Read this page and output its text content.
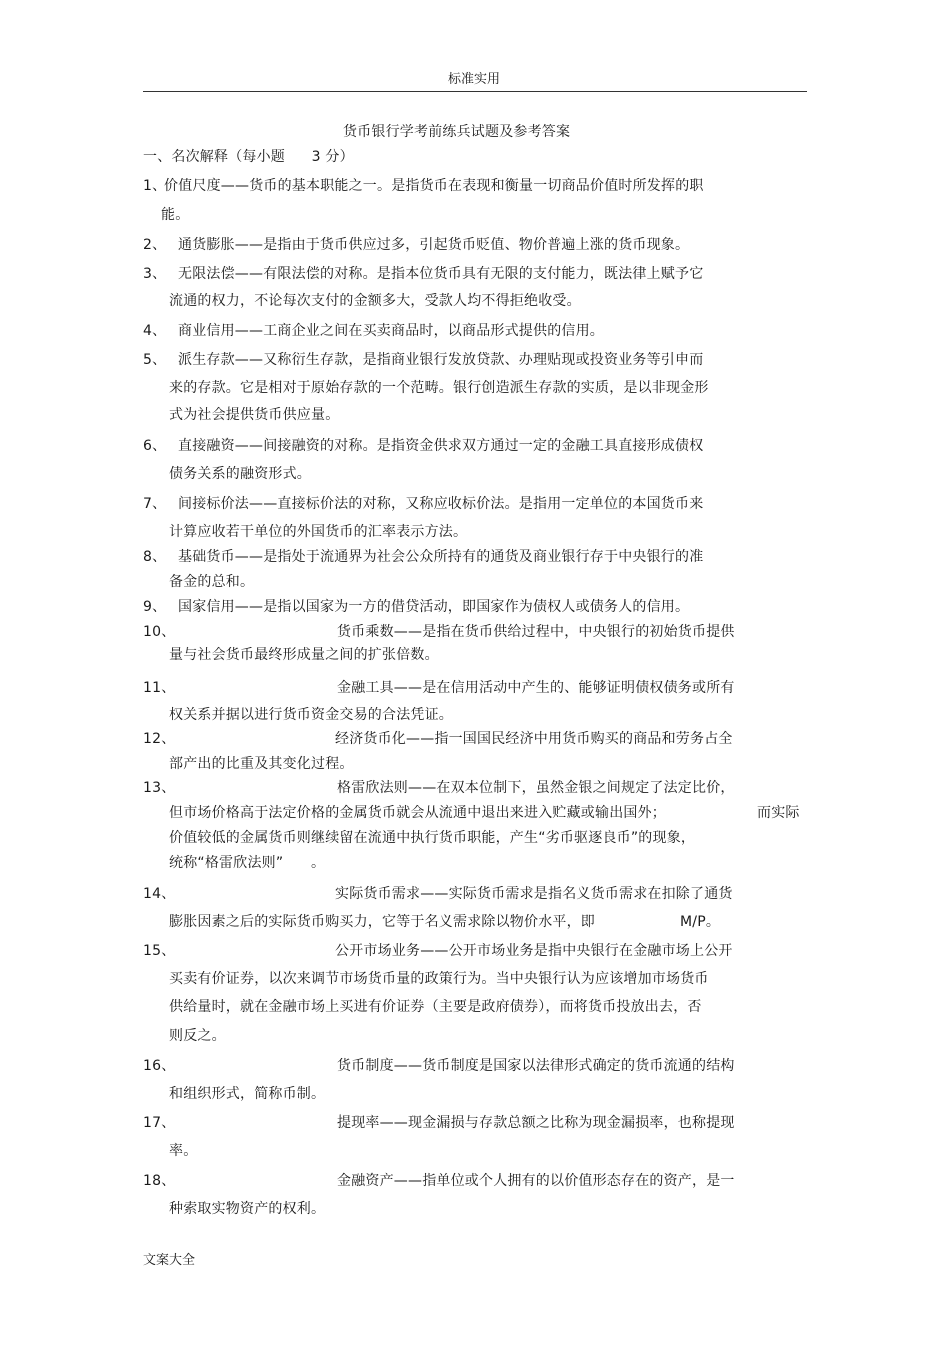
标准实用
货币银行学考前练兵试题及参考答案
一、名次解释（每小题 3 分）
1、
价值尺度——货币的基本职能之一。是指货币在表现和衡量一切商品价值时所发挥的职
能。
2、 通货膨胀——是指由于货币供应过多，引起货币贬值、物价普遍上涨的货币现象。
3、 无限法偿——有限法偿的对称。是指本位货币具有无限的支付能力，既法律上赋予它
流通的权力，不论每次支付的金额多大，受款人均不得拒绝收受。
4、 商业信用——工商企业之间在买卖商品时，以商品形式提供的信用。
5、 派生存款——又称衍生存款，是指商业银行发放贷款、办理贴现或投资业务等引申而
来的存款。它是相对于原始存款的一个范畴。银行创造派生存款的实质，是以非现金形
式为社会提供货币供应量。
6、 直接融资——间接融资的对称。是指资金供求双方通过一定的金融工具直接形成债权
债务关系的融资形式。
7、 间接标价法——直接标价法的对称，又称应收标价法。是指用一定单位的本国货币来
计算应收若干单位的外国货币的汇率表示方法。
8、 基础货币——是指处于流通界为社会公众所持有的通货及商业银行存于中央银行的准
备金的总和。
9、 国家信用——是指以国家为一方的借贷活动，即国家作为债权人或债务人的信用。
10、	货币乘数——是指在货币供给过程中，中央银行的初始货币提供
量与社会货币最终形成量之间的扩张倍数。
11、	金融工具——是在信用活动中产生的、能够证明债权债务或所有
权关系并据以进行货币资金交易的合法凭证。
12、	经济货币化——指一国国民经济中用货币购买的商品和劳务占全
部产出的比重及其变化过程。
13、	格雷欣法则——在双本位制下，虽然金银之间规定了法定比价，
但市场价格高于法定价格的金属货币就会从流通中退出来进入贮藏或输出国外；	而实际
价值较低的金属货币则继续留在流通中执行货币职能，产生“劣币驱逐良币”的现象，
统称“格雷欣法则” 。
14、	实际货币需求——实际货币需求是指名义货币需求在扣除了通货
膨胀因素之后的实际货币购买力，它等于名义需求除以物价水平，即	M/P。
15、	公开市场业务——公开市场业务是指中央银行在金融市场上公开
买卖有价证券，以次来调节市场货币量的政策行为。当中央银行认为应该增加市场货币
供给量时，就在金融市场上买进有价证券（主要是政府债券），而将货币投放出去，否
则反之。
16、	货币制度——货币制度是国家以法律形式确定的货币流通的结构
和组织形式，简称币制。
17、	提现率——现金漏损与存款总额之比称为现金漏损率，也称提现
率。
18、	金融资产——指单位或个人拥有的以价值形态存在的资产，是一
种索取实物资产的权利。
文案大全
